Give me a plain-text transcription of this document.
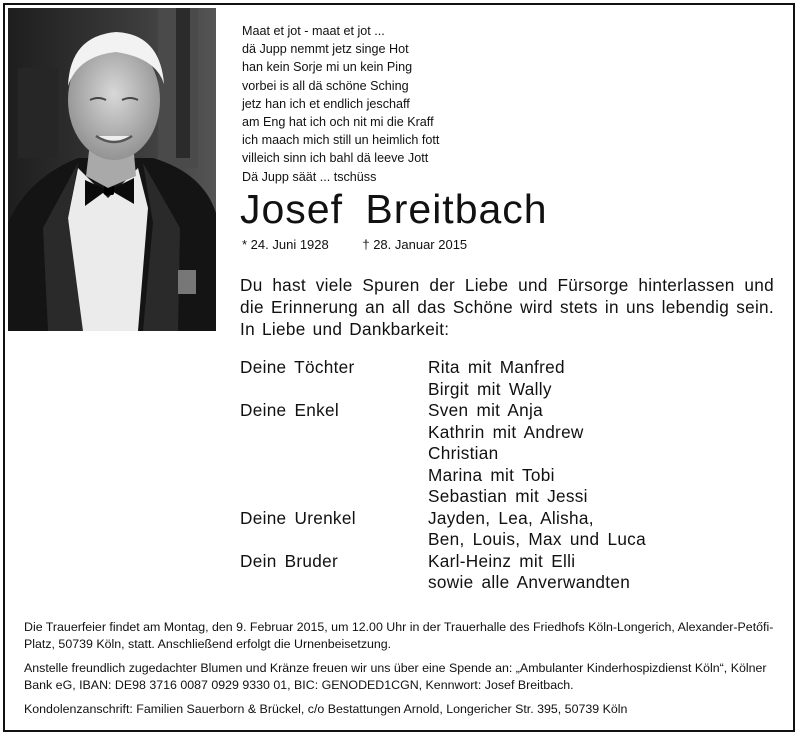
Maat et jot - maat et jot ...
dä Jupp nemmt jetz singe Hot
han kein Sorje mi un kein Ping
vorbei is all dä schöne Sching
jetz han ich et endlich jeschaff
am Eng hat ich och nit mi die Kraff
ich maach mich still un heimlich fott
villeich sinn ich bahl dä leeve Jott
Dä Jupp säät ... tschüss
Josef Breitbach
* 24. Juni 1928	† 28. Januar 2015

Du hast viele Spuren der Liebe und Fürsorge hinterlassen und die Erinnerung an all das Schöne wird stets in uns lebendig sein. In Liebe und Dankbarkeit:

Deine Töchter	Rita mit Manfred
Birgit mit Wally
Deine Enkel	Sven mit Anja
Kathrin mit Andrew
Christian
Marina mit Tobi
Sebastian mit Jessi
Deine Urenkel	Jayden, Lea, Alisha,
Ben, Louis, Max und Luca
Dein Bruder	Karl-Heinz mit Elli
sowie alle Anverwandten

Die Trauerfeier findet am Montag, den 9. Februar 2015, um 12.00 Uhr in der Trauerhalle des Friedhofs Köln-Longerich, Alexander-Petőfi-Platz, 50739 Köln, statt. Anschließend erfolgt die Urnenbeisetzung.

Anstelle freundlich zugedachter Blumen und Kränze freuen wir uns über eine Spende an: „Ambulanter Kinderhospizdienst Köln“, Kölner Bank eG, IBAN: DE98 3716 0087 0929 9330 01, BIC: GENODED1CGN, Kennwort: Josef Breitbach.

Kondolenzanschrift: Familien Sauerborn & Brückel, c/o Bestattungen Arnold, Longericher Str. 395, 50739 Köln
